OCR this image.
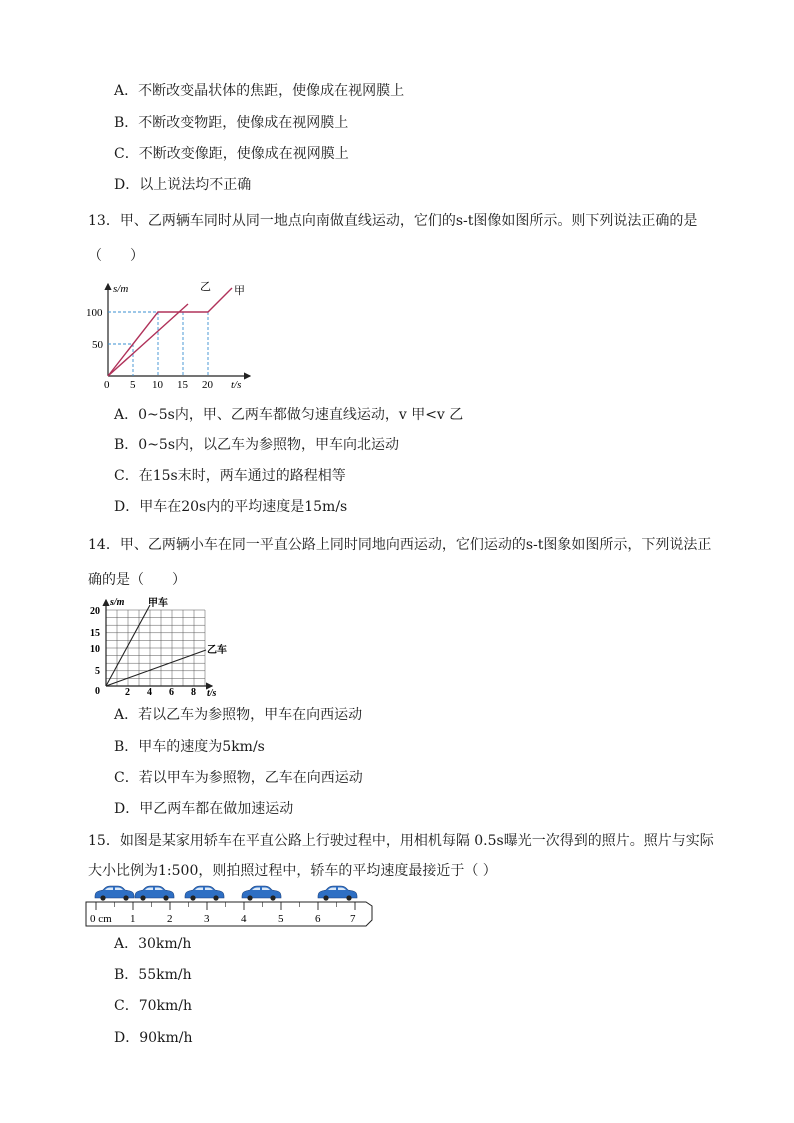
A．不断改变晶状体的焦距，使像成在视网膜上
B．不断改变物距，使像成在视网膜上
C．不断改变像距，使像成在视网膜上
D．以上说法均不正确
13．甲、乙两辆车同时从同一地点向南做直线运动，它们的s-t图像如图所示。则下列说法正确的是
（　　）
s/m
100
50
0 5 10 15 20 t/s
乙 甲
A．0~5s内，甲、乙两车都做匀速直线运动，v 甲<v 乙
B．0~5s内，以乙车为参照物，甲车向北运动
C．在15s末时，两车通过的路程相等
D．甲车在20s内的平均速度是15m/s
14．甲、乙两辆小车在同一平直公路上同时同地向西运动，它们运动的s-t图象如图所示，下列说法正
确的是（　　）
s/m 甲车
乙车
20
15
10
5
0	2 4 6 8 t/s
A．若以乙车为参照物，甲车在向西运动
B．甲车的速度为5km/s
C．若以甲车为参照物，乙车在向西运动
D．甲乙两车都在做加速运动
15．如图是某家用轿车在平直公路上行驶过程中，用相机每隔 0.5s曝光一次得到的照片。照片与实际
大小比例为1:500，则拍照过程中，轿车的平均速度最接近于（ ）
0 cm 1	2	3	4	5	6	7
A．30km/h
B．55km/h
C．70km/h
D．90km/h
